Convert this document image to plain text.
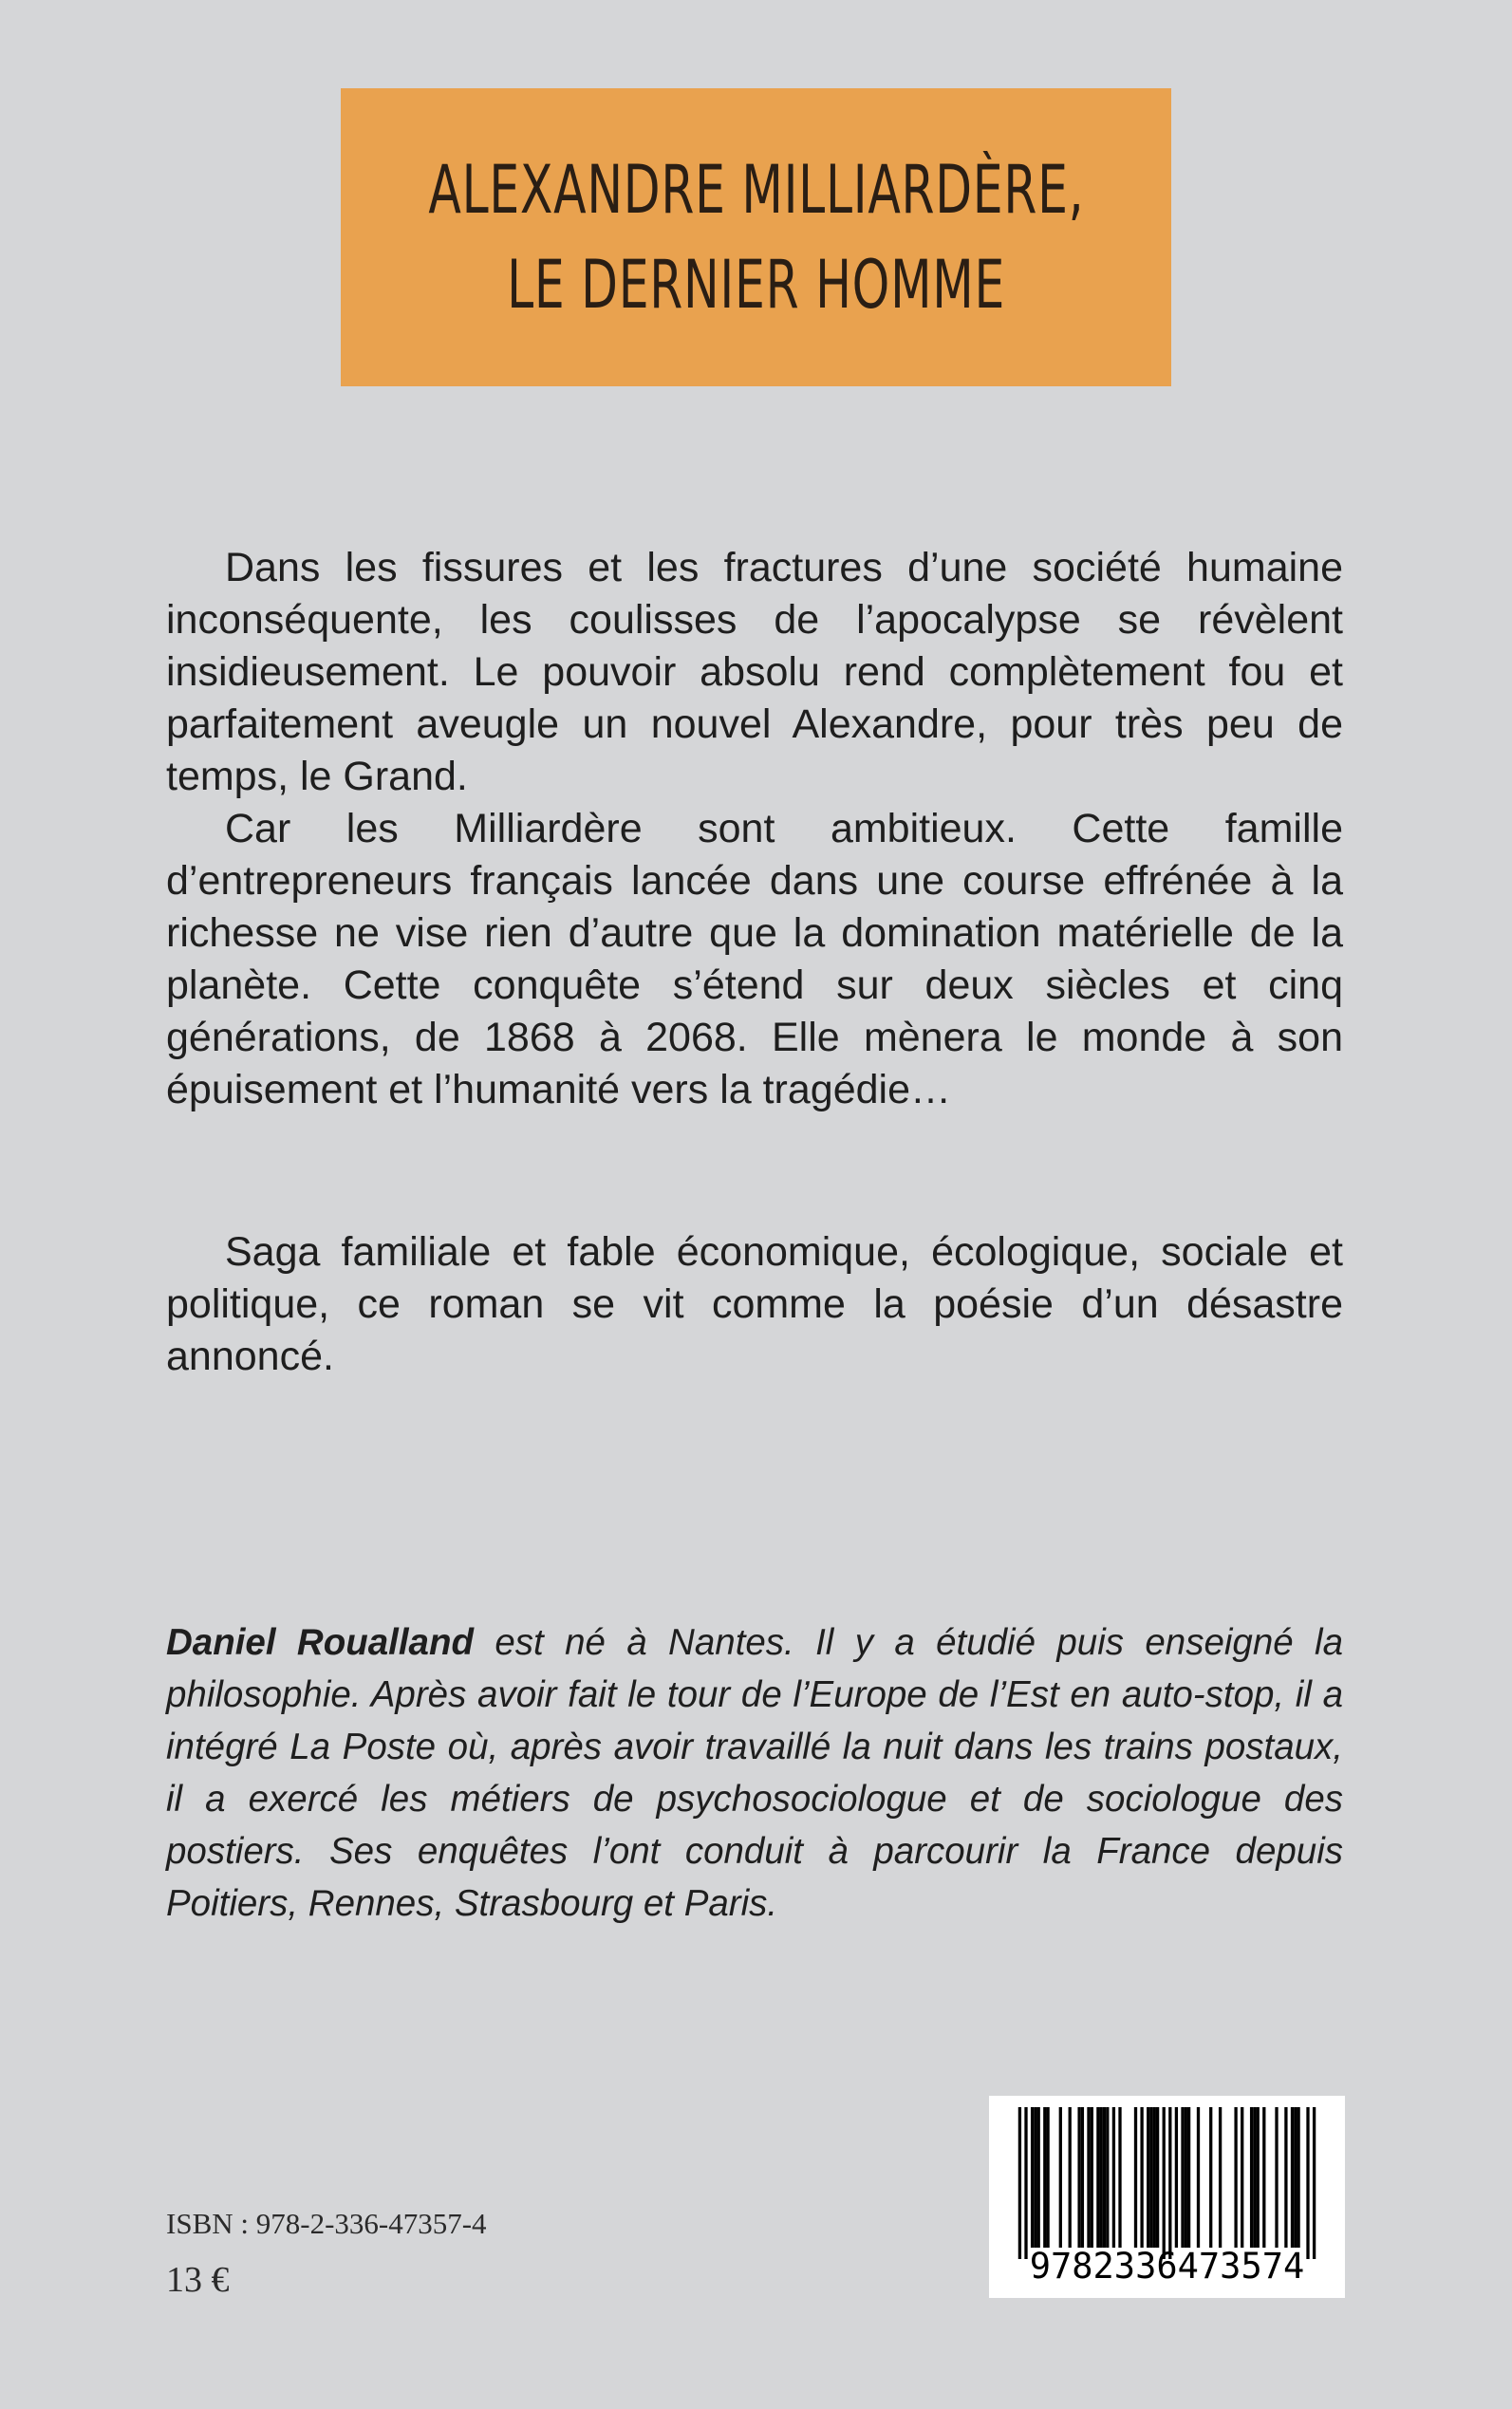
ALEXANDRE MILLIARDÈRE,
LE DERNIER HOMME

Dans les fissures et les fractures d’une société humaine inconséquente, les coulisses de l’apocalypse se révèlent insidieusement. Le pouvoir absolu rend complètement fou et parfaitement aveugle un nouvel Alexandre, pour très peu de temps, le Grand.

Car les Milliardère sont ambitieux. Cette famille d’entrepreneurs français lancée dans une course effrénée à la richesse ne vise rien d’autre que la domination matérielle de la planète. Cette conquête s’étend sur deux siècles et cinq générations, de 1868 à 2068. Elle mènera le monde à son épuisement et l’humanité vers la tragédie…

Saga familiale et fable économique, écologique, sociale et politique, ce roman se vit comme la poésie d’un désastre annoncé.

Daniel Roualland est né à Nantes. Il y a étudié puis enseigné la philosophie. Après avoir fait le tour de l’Europe de l’Est en auto-stop, il a intégré La Poste où, après avoir travaillé la nuit dans les trains postaux, il a exercé les métiers de psychosociologue et de sociologue des postiers. Ses enquêtes l’ont conduit à parcourir la France depuis Poitiers, Rennes, Strasbourg et Paris.
ISBN : 978-2-336-47357-4
13 €	9782336473574
